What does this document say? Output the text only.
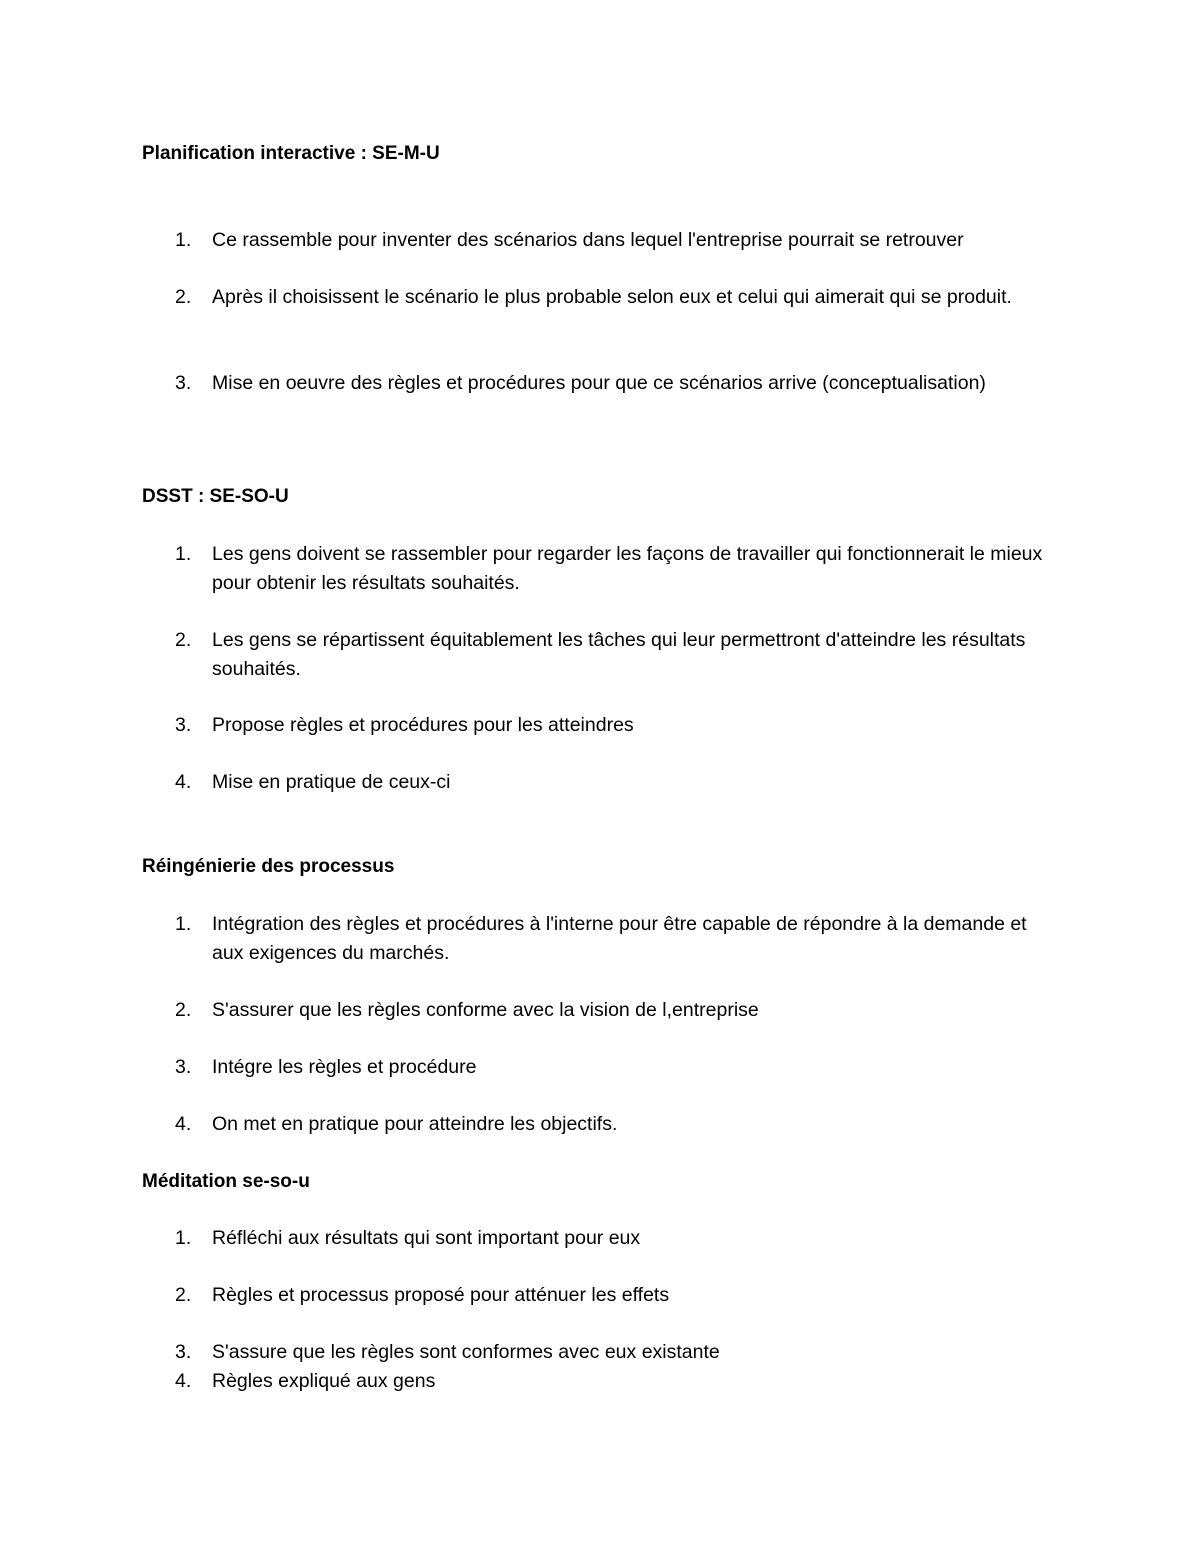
Planification interactive : SE-M-U

1. Ce rassemble pour inventer des scénarios dans lequel l'entreprise pourrait se retrouver

2. Après il choisissent le scénario le plus probable selon eux et celui qui aimerait qui se produit.

3. Mise en oeuvre des règles et procédures pour que ce scénarios arrive (conceptualisation)

DSST : SE-SO-U

1. Les gens doivent se rassembler pour regarder les façons de travailler qui fonctionnerait le mieux pour obtenir les résultats souhaités.

2. Les gens se répartissent équitablement les tâches qui leur permettront d'atteindre les résultats souhaités.

3. Propose règles et procédures pour les atteindres

4. Mise en pratique de ceux-ci

Réingénierie des processus

1. Intégration des règles et procédures à l'interne pour être capable de répondre à la demande et aux exigences du marchés.

2. S'assurer que les règles conforme avec la vision de l,entreprise

3. Intégre les règles et procédure

4. On met en pratique pour atteindre les objectifs.

Méditation se-so-u

1. Réfléchi aux résultats qui sont important pour eux

2. Règles et processus proposé pour atténuer les effets

3. S'assure que les règles sont conformes avec eux existante

4. Règles expliqué aux gens
